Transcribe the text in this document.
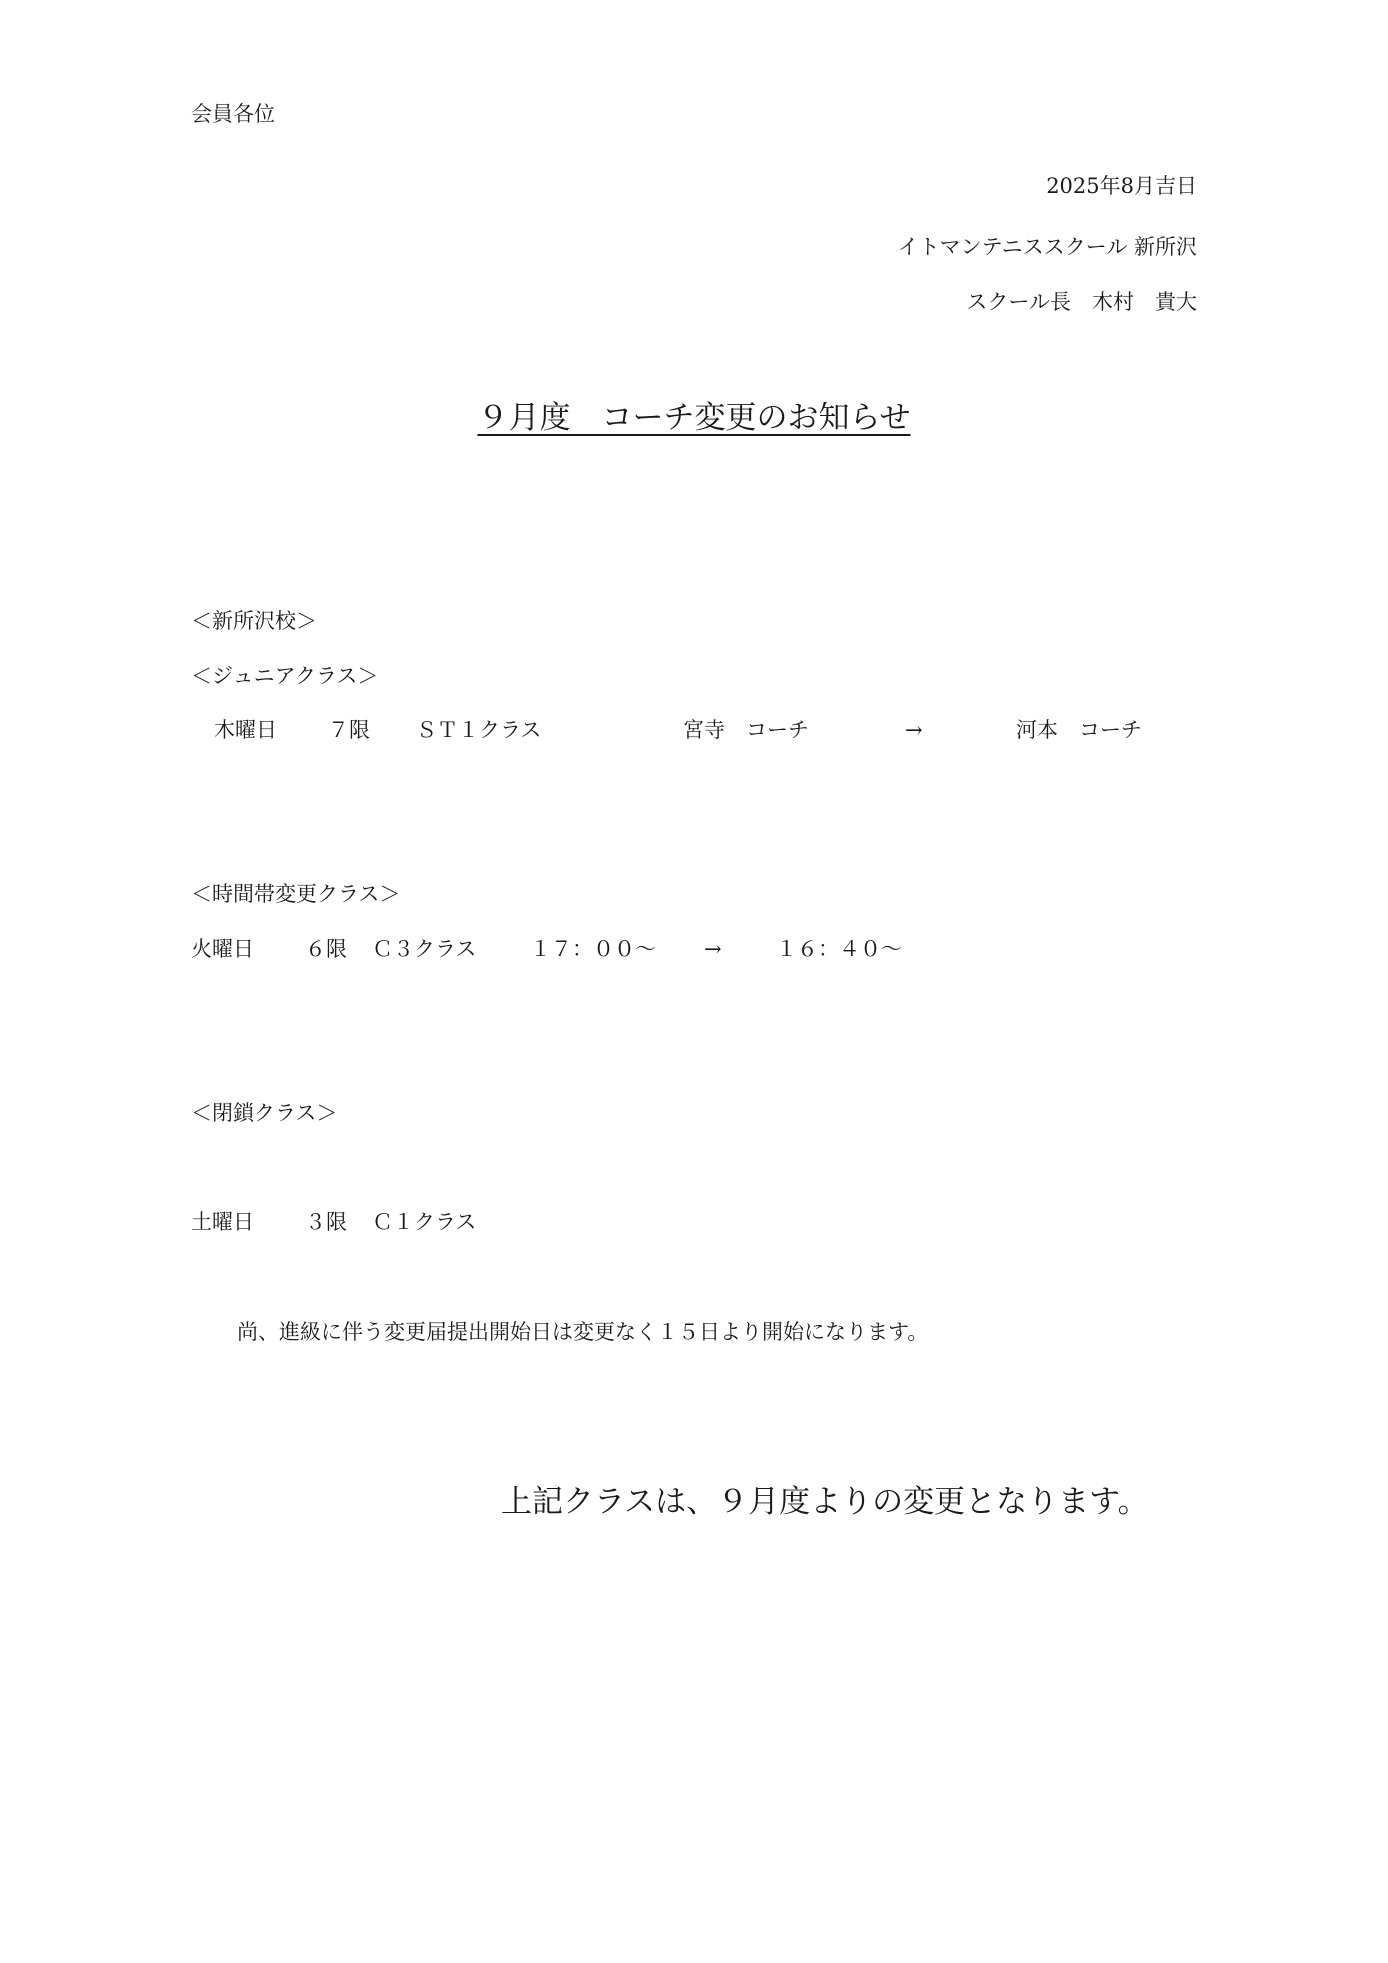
会員各位
2025年8月吉日
イトマンテニススクール 新所沢
スクール長　木村　貴大
９月度　コーチ変更のお知らせ
＜新所沢校＞
＜ジュニアクラス＞
木曜日 ７限 ＳＴ１クラス	宮寺　コーチ	→	河本　コーチ
＜時間帯変更クラス＞
火曜日 ６限 Ｃ３クラス	１７：００～ →	１６：４０～
＜閉鎖クラス＞
土曜日 ３限 Ｃ１クラス
尚、進級に伴う変更届提出開始日は変更なく１５日より開始になります。
上記クラスは、９月度よりの変更となります。
